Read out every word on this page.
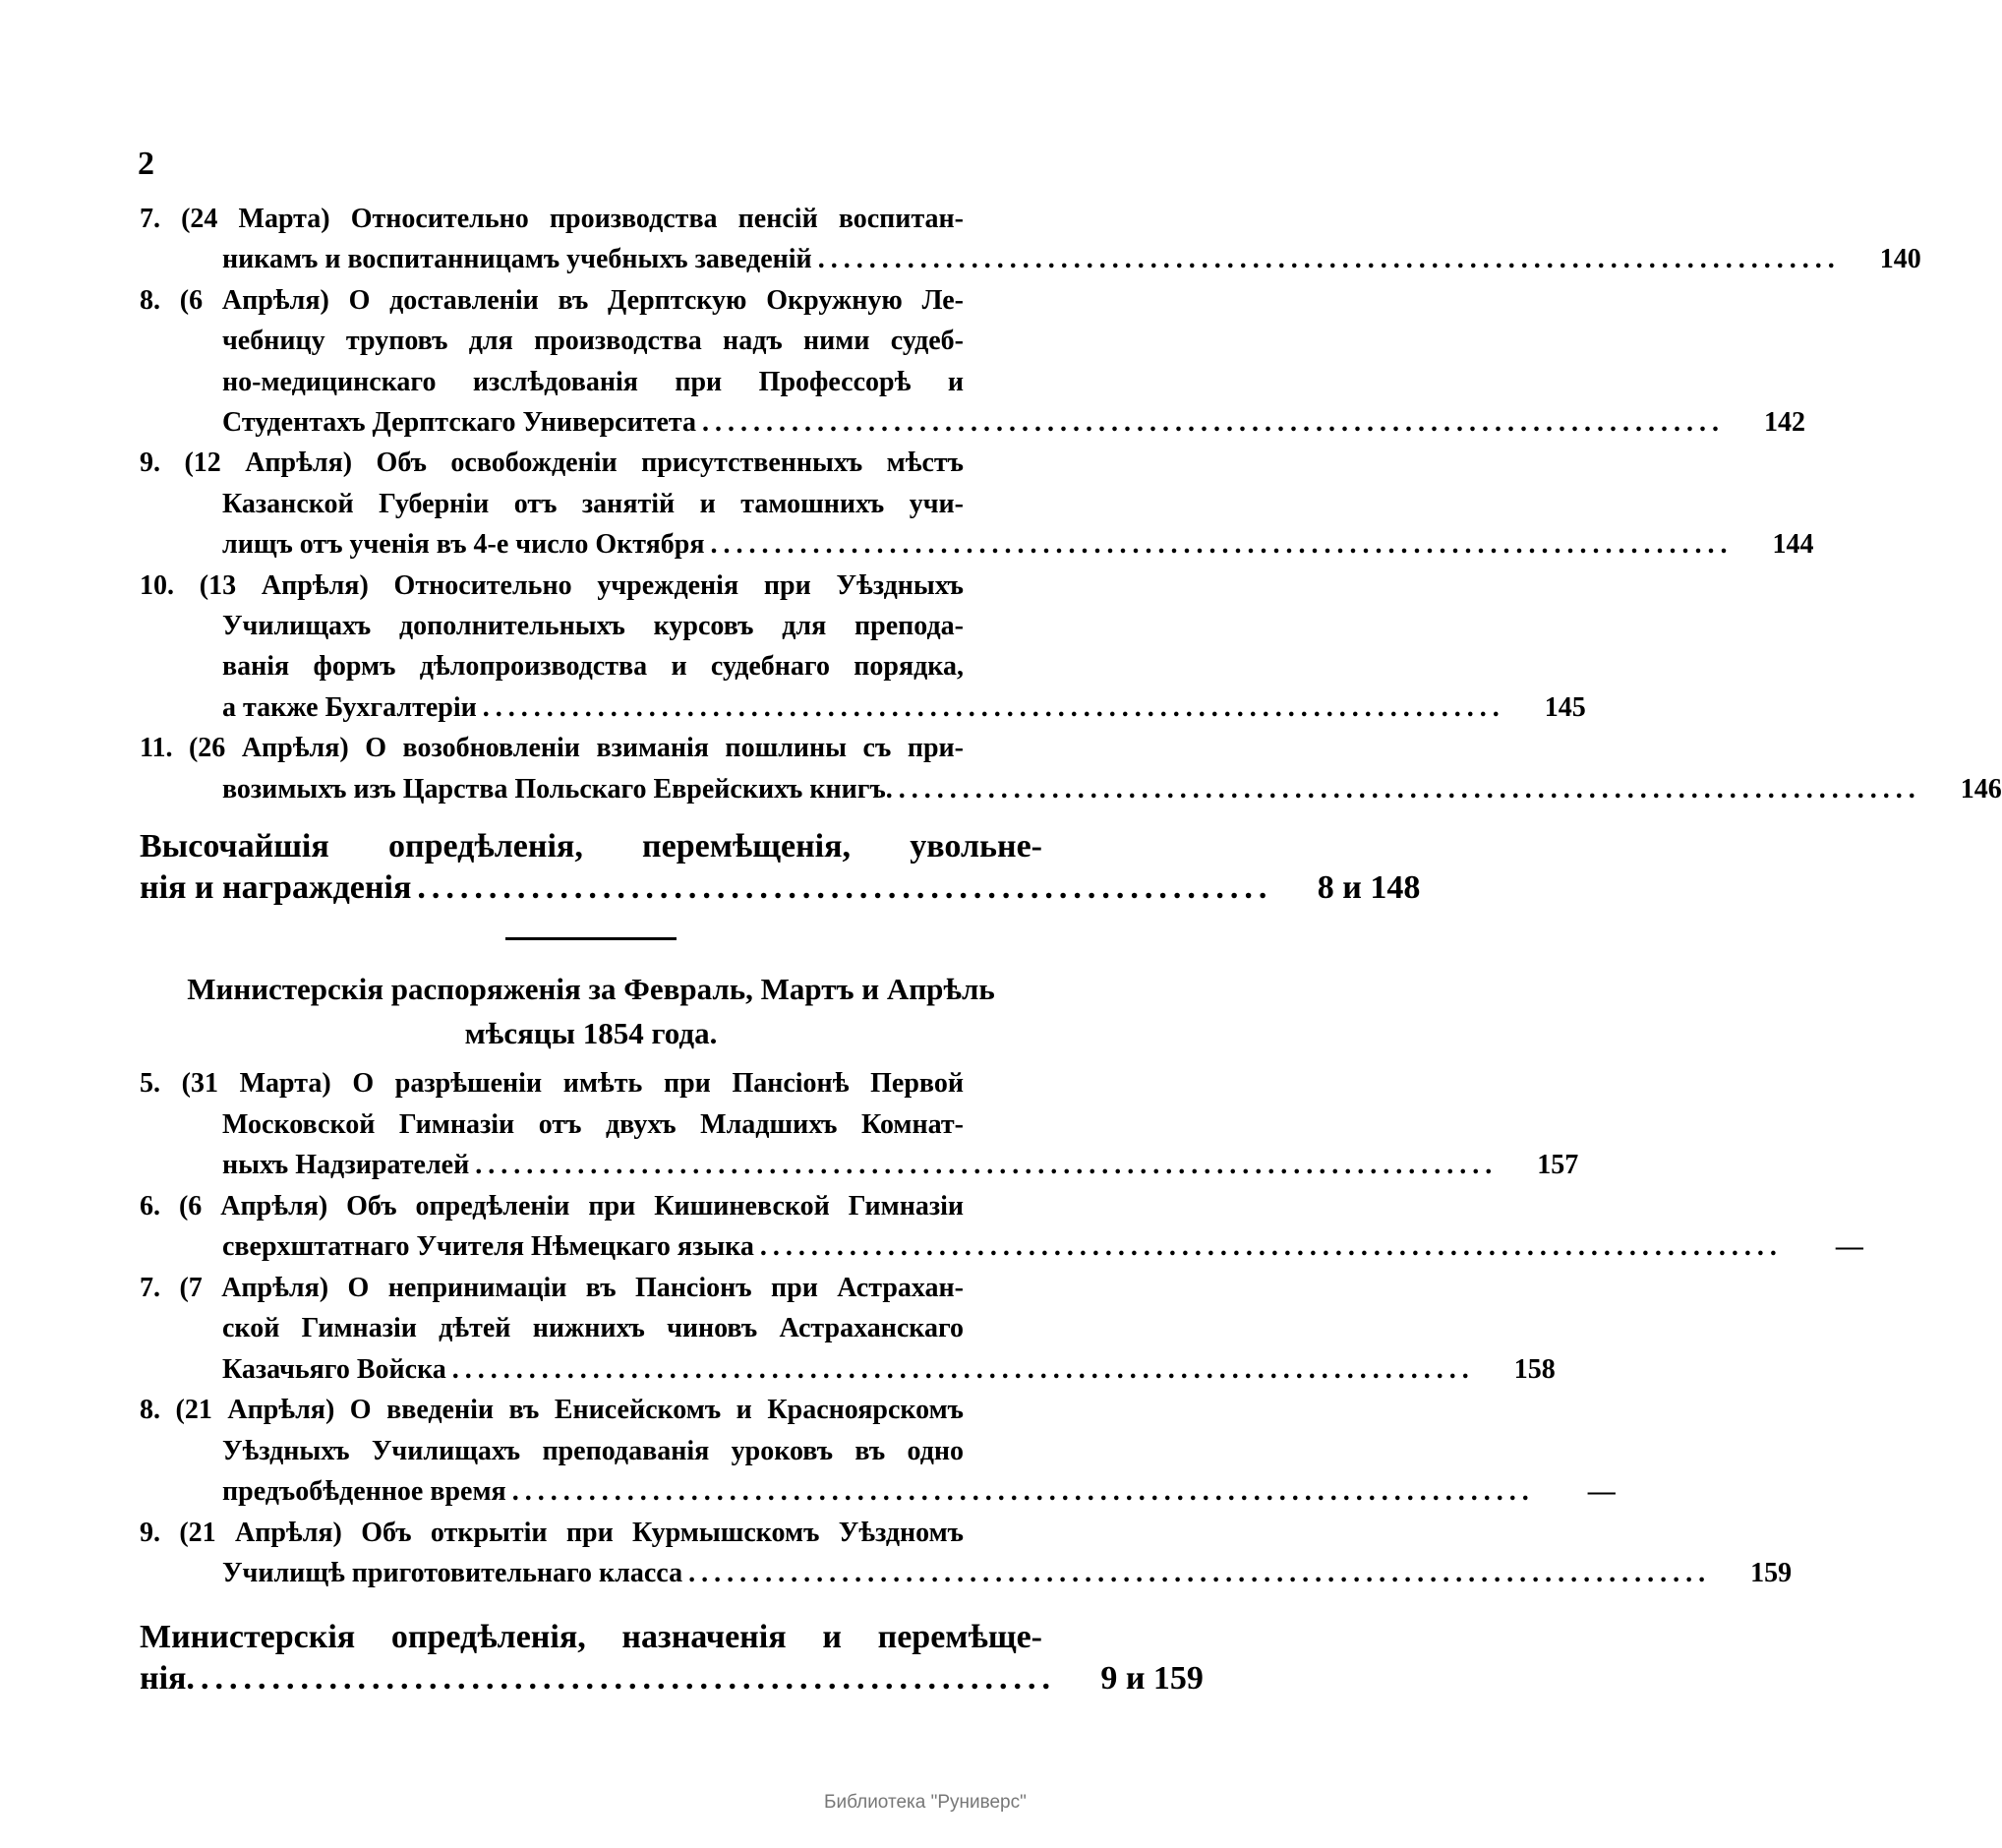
2
7. (24 Марта) Относительно производства пенсій воспитан-
никамъ и воспитанницамъ учебныхъ заведеній ................................................................................	140
8. (6 Апрѣля) О доставленіи въ Дерптскую Окружную Ле-
чебницу труповъ для производства надъ ними судеб-
но-медицинскаго изслѣдованія при Профессорѣ и
Студентахъ Дерптскаго Университета ................................................................................	142
9. (12 Апрѣля) Объ освобожденіи присутственныхъ мѣстъ
Казанской Губерніи отъ занятій и тамошнихъ учи-
лищъ отъ ученія въ 4-е число Октября ................................................................................	144
10. (13 Апрѣля) Относительно учрежденія при Уѣздныхъ
Училищахъ дополнительныхъ курсовъ для препода-
ванія формъ дѣлопроизводства и судебнаго порядка,
а также Бухгалтеріи ................................................................................	145
11. (26 Апрѣля) О возобновленіи взиманія пошлины съ при-
возимыхъ изъ Царства Польскаго Еврейскихъ книгъ. ................................................................................	146
Высочайшія опредѣленія, перемѣщенія, увольне-
нія и награжденія ............................................................	8 и 148
Министерскія распоряженія за Февраль, Мартъ и Апрѣль
мѣсяцы 1854 года.
5. (31 Марта) О разрѣшеніи имѣть при Пансіонѣ Первой
Московской Гимназіи отъ двухъ Младшихъ Комнат-
ныхъ Надзирателей ................................................................................	157
6. (6 Апрѣля) Объ опредѣленіи при Кишиневской Гимназіи
сверхштатнаго Учителя Нѣмецкаго языка ................................................................................	—
7. (7 Апрѣля) О непринимаціи въ Пансіонъ при Астрахан-
ской Гимназіи дѣтей нижнихъ чиновъ Астраханскаго
Казачьяго Войска ................................................................................	158
8. (21 Апрѣля) О введеніи въ Енисейскомъ и Красноярскомъ
Уѣздныхъ Училищахъ преподаванія уроковъ въ одно
предъобѣденное время ................................................................................	—
9. (21 Апрѣля) Объ открытіи при Курмышскомъ Уѣздномъ
Училищѣ приготовительнаго класса ................................................................................	159
Министерскія опредѣленія, назначенія и перемѣще-
нія. ............................................................	9 и 159
Библиотека "Руниверс"
